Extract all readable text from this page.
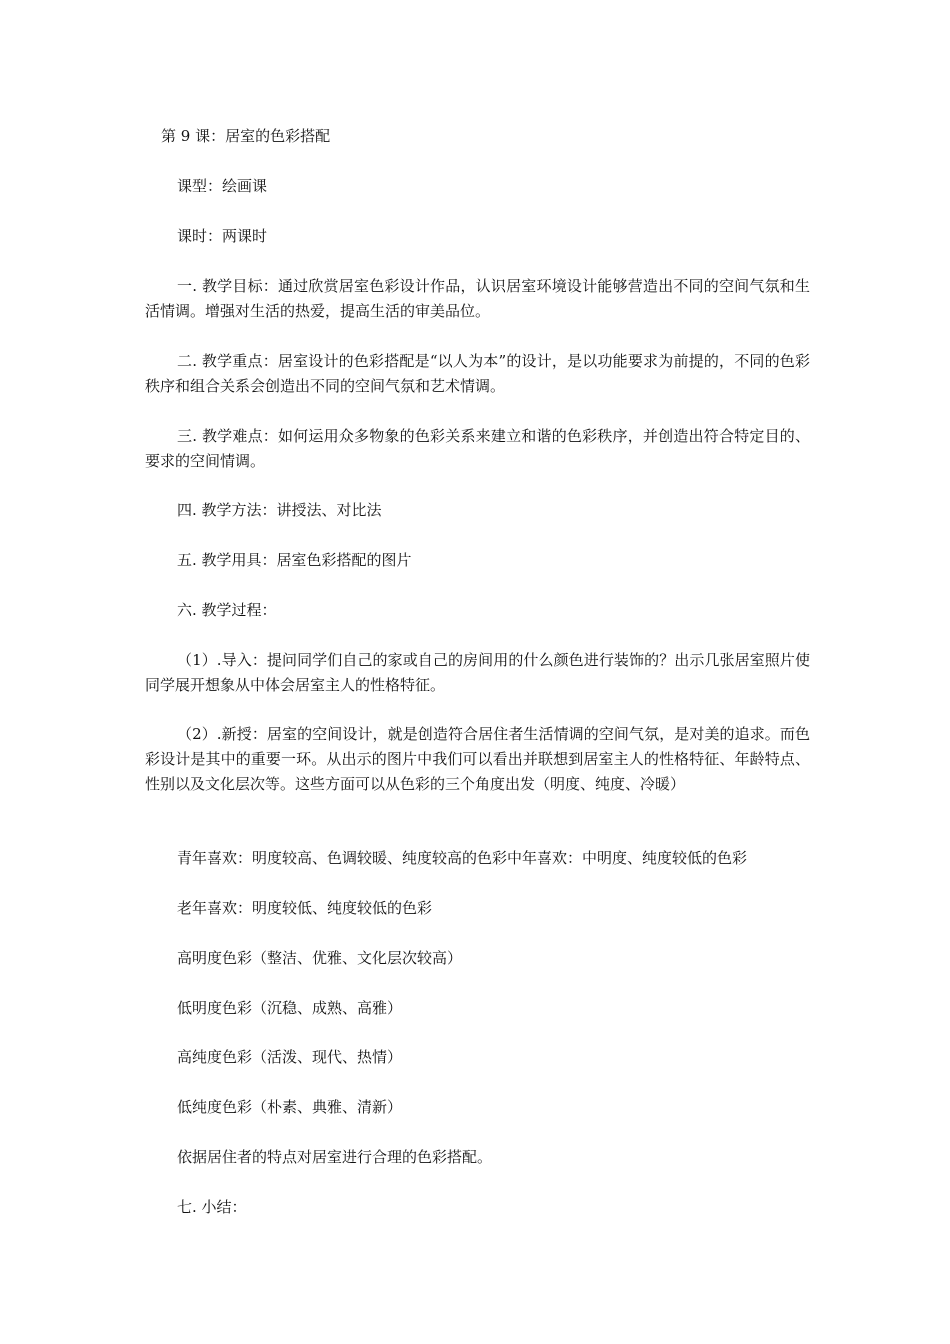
第 9 课：居室的色彩搭配

课型：绘画课

课时：两课时

一. 教学目标：通过欣赏居室色彩设计作品，认识居室环境设计能够营造出不同的空间气氛和生活情调。增强对生活的热爱，提高生活的审美品位。

二. 教学重点：居室设计的色彩搭配是“以人为本”的设计，是以功能要求为前提的，不同的色彩秩序和组合关系会创造出不同的空间气氛和艺术情调。

三. 教学难点：如何运用众多物象的色彩关系来建立和谐的色彩秩序，并创造出符合特定目的、要求的空间情调。

四. 教学方法：讲授法、对比法

五. 教学用具：居室色彩搭配的图片

六. 教学过程：

（1）.导入：提问同学们自己的家或自己的房间用的什么颜色进行装饰的？出示几张居室照片使同学展开想象从中体会居室主人的性格特征。

（2）.新授：居室的空间设计，就是创造符合居住者生活情调的空间气氛，是对美的追求。而色彩设计是其中的重要一环。从出示的图片中我们可以看出并联想到居室主人的性格特征、年龄特点、性别以及文化层次等。这些方面可以从色彩的三个角度出发（明度、纯度、冷暖）

青年喜欢：明度较高、色调较暖、纯度较高的色彩中年喜欢：中明度、纯度较低的色彩

老年喜欢：明度较低、纯度较低的色彩

高明度色彩（整洁、优雅、文化层次较高）

低明度色彩（沉稳、成熟、高雅）

高纯度色彩（活泼、现代、热情）

低纯度色彩（朴素、典雅、清新）

依据居住者的特点对居室进行合理的色彩搭配。

七. 小结：
